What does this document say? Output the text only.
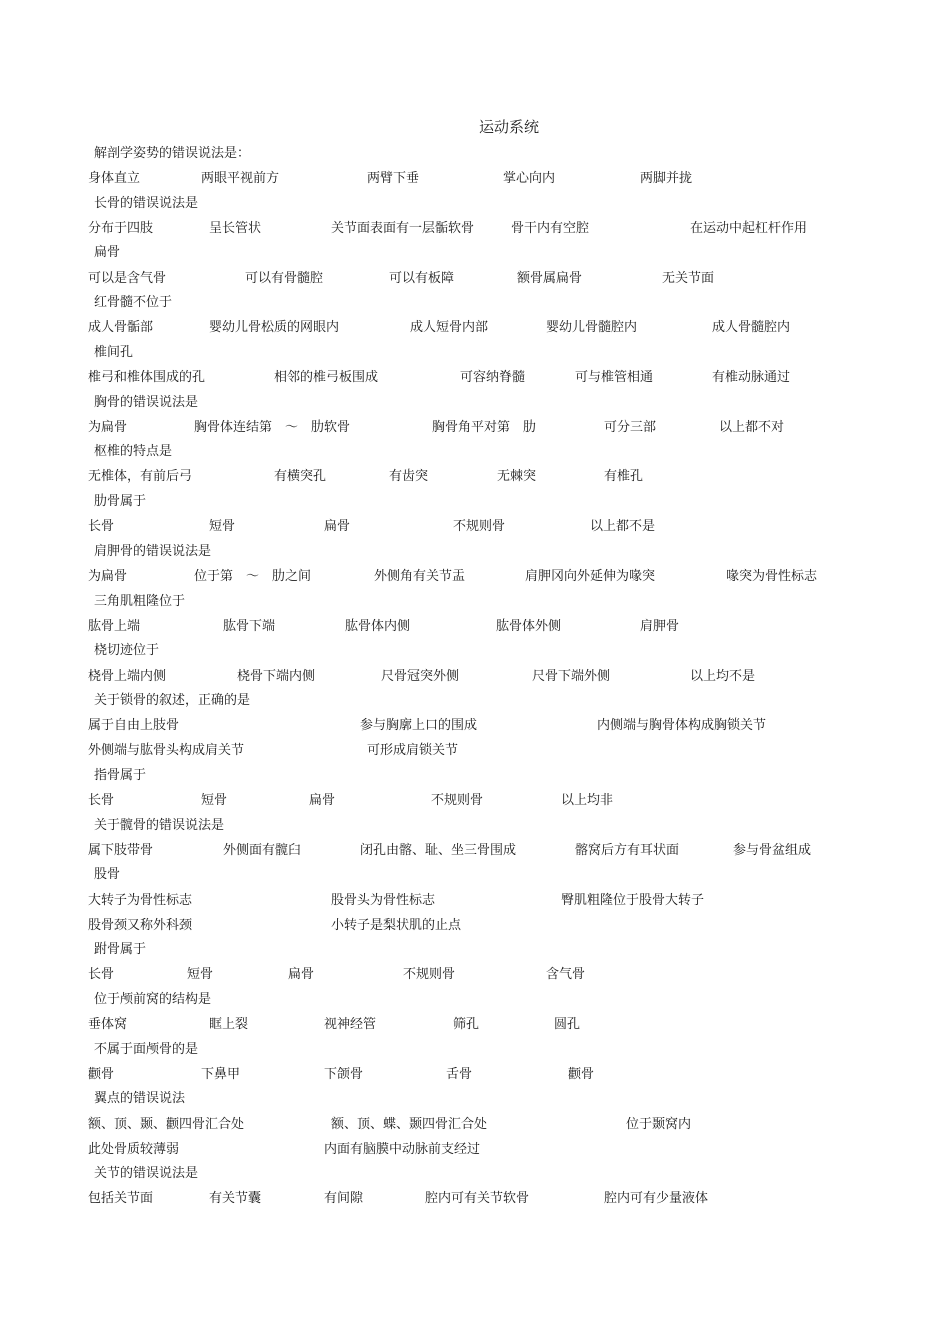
运动系统
解剖学姿势的错误说法是：
身体直立	两眼平视前方	两臂下垂	掌心向内	两脚并拢
长骨的错误说法是
分布于四肢	呈长管状	关节面表面有一层骺软骨	骨干内有空腔	在运动中起杠杆作用
扁骨
可以是含气骨	可以有骨髓腔	可以有板障	额骨属扁骨	无关节面
红骨髓不位于
成人骨骺部	婴幼儿骨松质的网眼内	成人短骨内部	婴幼儿骨髓腔内	成人骨髓腔内
椎间孔
椎弓和椎体围成的孔	相邻的椎弓板围成	可容纳脊髓	可与椎管相通	有椎动脉通过
胸骨的错误说法是
为扁骨	胸骨体连结第　～　肋软骨	胸骨角平对第　肋	可分三部	以上都不对
枢椎的特点是
无椎体，有前后弓	有横突孔	有齿突	无棘突	有椎孔
肋骨属于
长骨	短骨	扁骨	不规则骨	以上都不是
肩胛骨的错误说法是
为扁骨	位于第　～　肋之间	外侧角有关节盂	肩胛冈向外延伸为喙突	喙突为骨性标志
三角肌粗隆位于
肱骨上端	肱骨下端	肱骨体内侧	肱骨体外侧	肩胛骨
桡切迹位于
桡骨上端内侧	桡骨下端内侧	尺骨冠突外侧	尺骨下端外侧	以上均不是
关于锁骨的叙述，正确的是
属于自由上肢骨	参与胸廓上口的围成	内侧端与胸骨体构成胸锁关节
外侧端与肱骨头构成肩关节	可形成肩锁关节
指骨属于
长骨	短骨	扁骨	不规则骨	以上均非
关于髋骨的错误说法是
属下肢带骨	外侧面有髋臼	闭孔由髂、耻、坐三骨围成	髂窝后方有耳状面	参与骨盆组成
股骨
大转子为骨性标志	股骨头为骨性标志	臀肌粗隆位于股骨大转子
股骨颈又称外科颈	小转子是梨状肌的止点
跗骨属于
长骨	短骨	扁骨	不规则骨	含气骨
位于颅前窝的结构是
垂体窝	眶上裂	视神经管	筛孔	圆孔
不属于面颅骨的是
颧骨	下鼻甲	下颌骨	舌骨	颧骨
翼点的错误说法
额、顶、颞、颧四骨汇合处	额、顶、蝶、颞四骨汇合处	位于颞窝内
此处骨质较薄弱	内面有脑膜中动脉前支经过
关节的错误说法是
包括关节面	有关节囊	有间隙	腔内可有关节软骨	腔内可有少量液体
